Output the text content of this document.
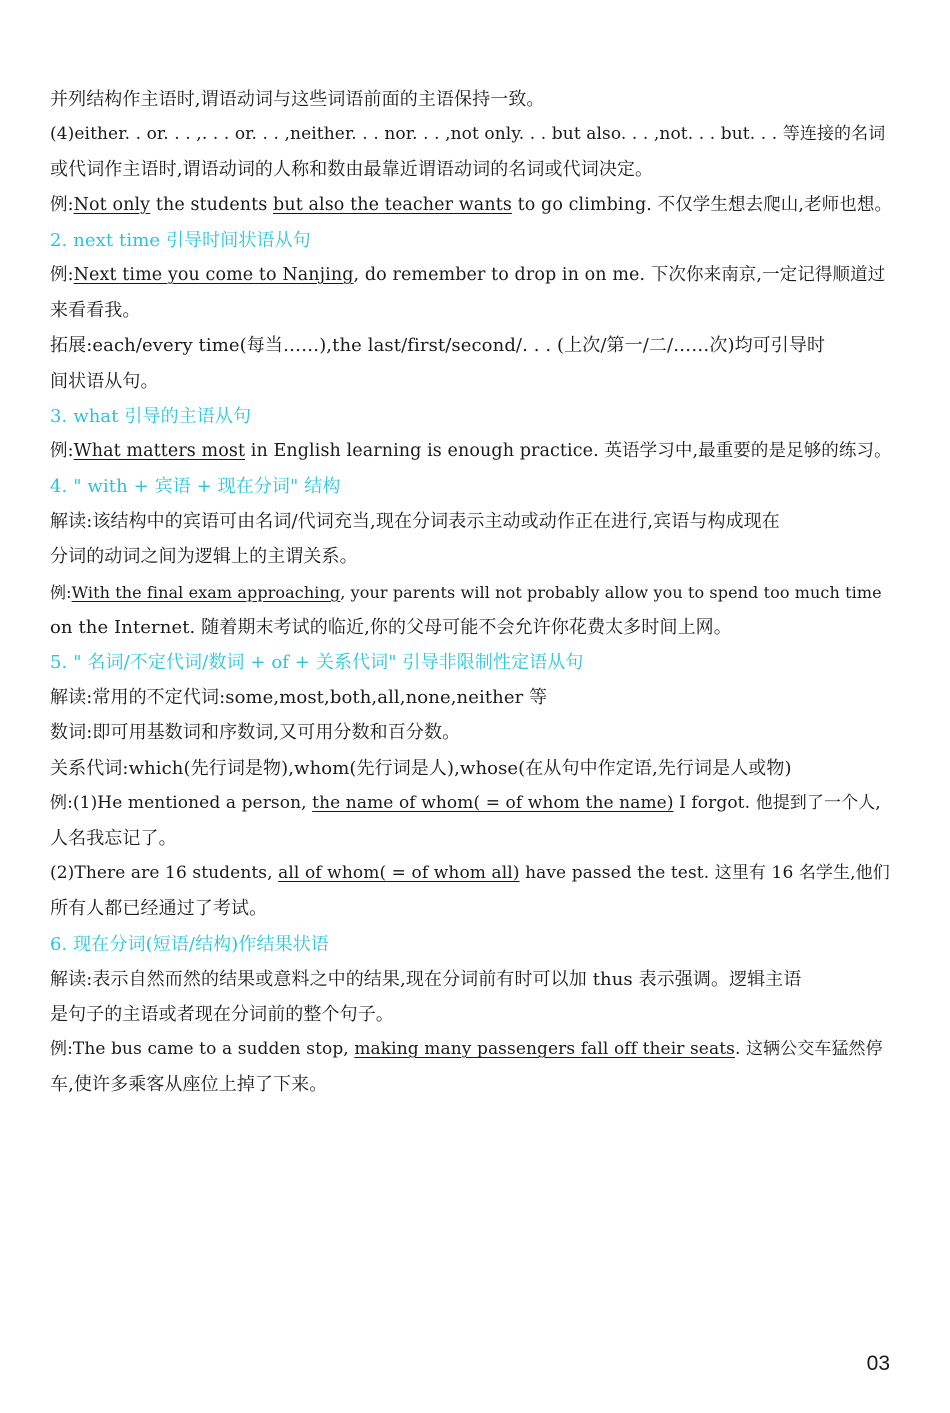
并列结构作主语时,谓语动词与这些词语前面的主语保持一致。
(4)either. . or. . . ,. . . or. . . ,neither. . . nor. . . ,not only. . . but also. . . ,not. . . but. . . 等连接的名词
或代词作主语时,谓语动词的人称和数由最靠近谓语动词的名词或代词决定。
例:Not only the students but also the teacher wants to go climbing. 不仅学生想去爬山,老师也想。
2. next time 引导时间状语从句
例:Next time you come to Nanjing, do remember to drop in on me. 下次你来南京,一定记得顺道过
来看看我。
拓展:each/every time(每当……),the last/first/second/. . . (上次/第一/二/……次)均可引导时
间状语从句。
3. what 引导的主语从句
例:What matters most in English learning is enough practice. 英语学习中,最重要的是足够的练习。
4. " with + 宾语 + 现在分词" 结构
解读:该结构中的宾语可由名词/代词充当,现在分词表示主动或动作正在进行,宾语与构成现在
分词的动词之间为逻辑上的主谓关系。
例:With the final exam approaching, your parents will not probably allow you to spend too much time
on the Internet. 随着期末考试的临近,你的父母可能不会允许你花费太多时间上网。
5. " 名词/不定代词/数词 + of + 关系代词" 引导非限制性定语从句
解读:常用的不定代词:some,most,both,all,none,neither 等
数词:即可用基数词和序数词,又可用分数和百分数。
关系代词:which(先行词是物),whom(先行词是人),whose(在从句中作定语,先行词是人或物)
例:(1)He mentioned a person, the name of whom( = of whom the name) I forgot. 他提到了一个人,
人名我忘记了。
(2)There are 16 students, all of whom( = of whom all) have passed the test. 这里有 16 名学生,他们
所有人都已经通过了考试。
6. 现在分词(短语/结构)作结果状语
解读:表示自然而然的结果或意料之中的结果,现在分词前有时可以加 thus 表示强调。逻辑主语
是句子的主语或者现在分词前的整个句子。
例:The bus came to a sudden stop, making many passengers fall off their seats. 这辆公交车猛然停
车,使许多乘客从座位上掉了下来。
03
